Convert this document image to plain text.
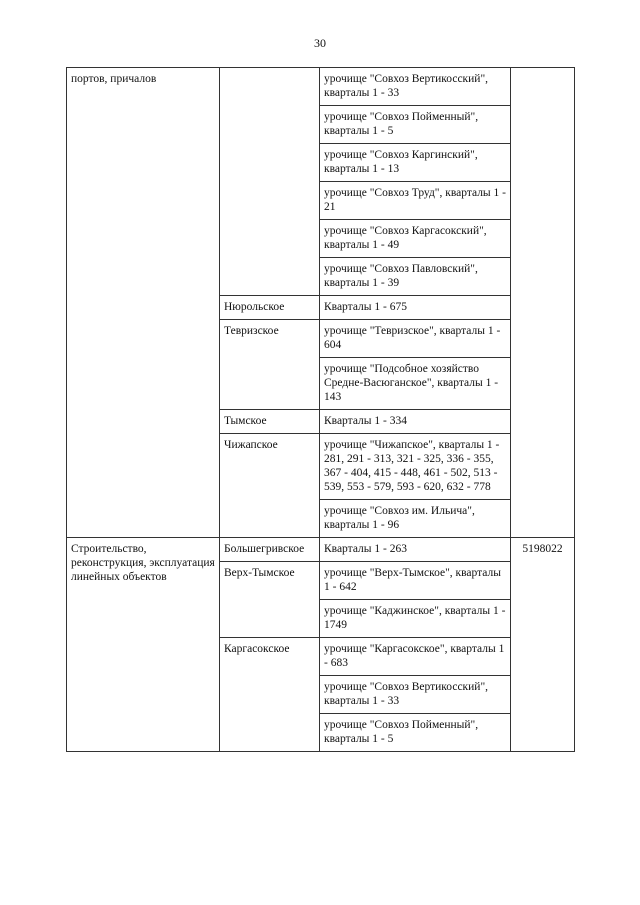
30
портов, причалов		урочище "Совхоз Вертикосский", кварталы 1 - 33	
		урочище "Совхоз Пойменный", кварталы 1 - 5	
		урочище "Совхоз Каргинский", кварталы 1 - 13	
		урочище "Совхоз Труд", кварталы 1 - 21	
		урочище "Совхоз Каргасокский", кварталы 1 - 49	
		урочище "Совхоз Павловский", кварталы 1 - 39	
	Нюрольское	Кварталы 1 - 675	
	Тевризское	урочище "Тевризское", кварталы 1 - 604	
		урочище "Подсобное хозяйство Средне-Васюганское", кварталы 1 - 143	
	Тымское	Кварталы 1 - 334	
	Чижапское	урочище "Чижапское", кварталы 1 - 281, 291 - 313, 321 - 325, 336 - 355, 367 - 404, 415 - 448, 461 - 502, 513 - 539, 553 - 579, 593 - 620, 632 - 778	
		урочище "Совхоз им. Ильича", кварталы 1 - 96	
Строительство, реконструкция, эксплуатация линейных объектов	Большегривское	Кварталы 1 - 263	5198022
	Верх-Тымское	урочище "Верх-Тымское", кварталы 1 - 642	
		урочище "Каджинское", кварталы 1 - 1749	
	Каргасокское	урочище "Каргасокское", кварталы 1 - 683	
		урочище "Совхоз Вертикосский", кварталы 1 - 33	
		урочище "Совхоз Пойменный", кварталы 1 - 5	
